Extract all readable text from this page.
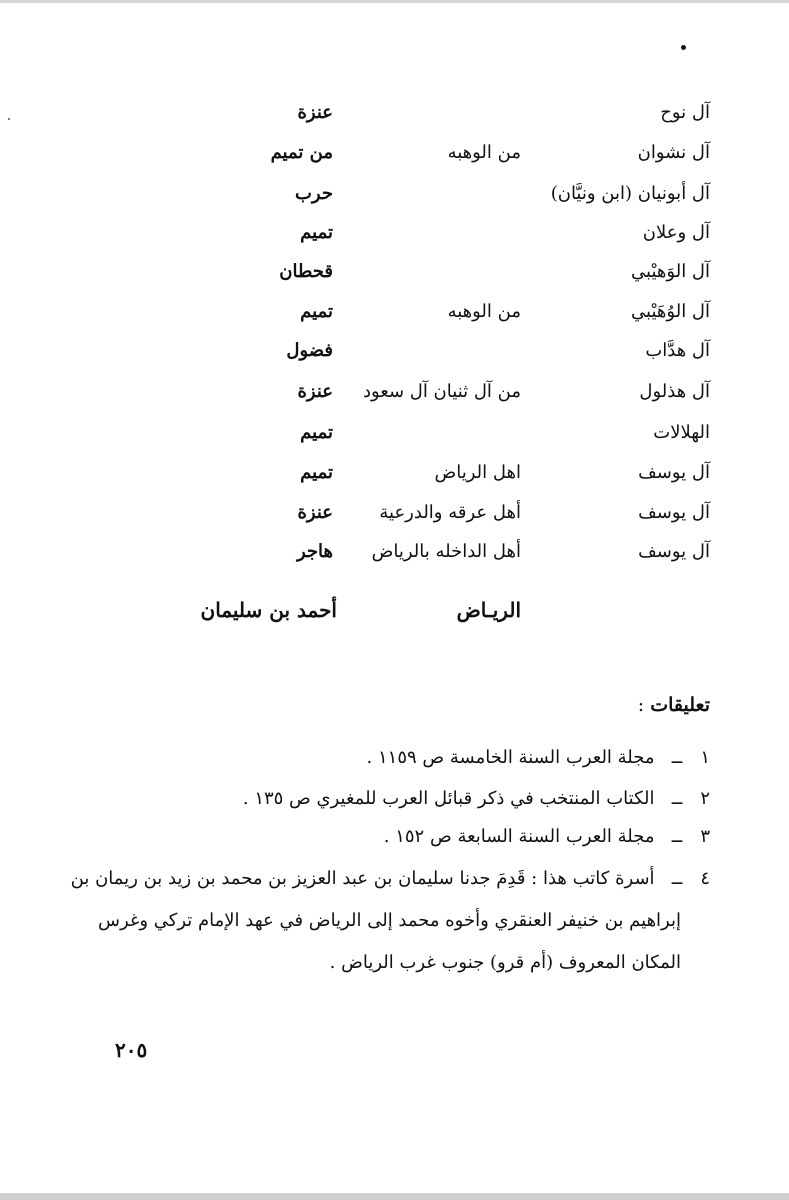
آل نوح
عنزة
آل نشوان
من الوهبه
من تميم
آل أبونيان (ابن ونيَّان)
حرب
آل وعلان
تميم
آل الوَهيْبي
قحطان
آل الوُهَيْبي
من الوهبه
تميم
آل هدَّاب
فضول
آل هذلول
من آل ثنيان آل سعود
عنزة
الهلالات
تميم
آل يوسف
اهل الرياض
تميم
آل يوسف
أهل عرقه والدرعية
عنزة
آل يوسف
أهل الداخله بالرياض
هاجر
الريـاض
أحمد بن سليمان
تعليقات :
١ ــ مجلة العرب السنة الخامسة ص ١١٥٩ .
٢ ــ الكتاب المنتخب في ذكر قبائل العرب للمغيري ص ١٣٥ .
٣ ــ مجلة العرب السنة السابعة ص ١٥٢ .
٤ ــ أسرة كاتب هذا : قَدِمَ جدنا سليمان بن عبد العزيز بن محمد بن زيد بن ريمان بن
إبراهيم بن خنيفر العنقري وأخوه محمد إلى الرياض في عهد الإمام تركي وغرس
المكان المعروف (أم قرو) جنوب غرب الرياض .
٢٠٥
